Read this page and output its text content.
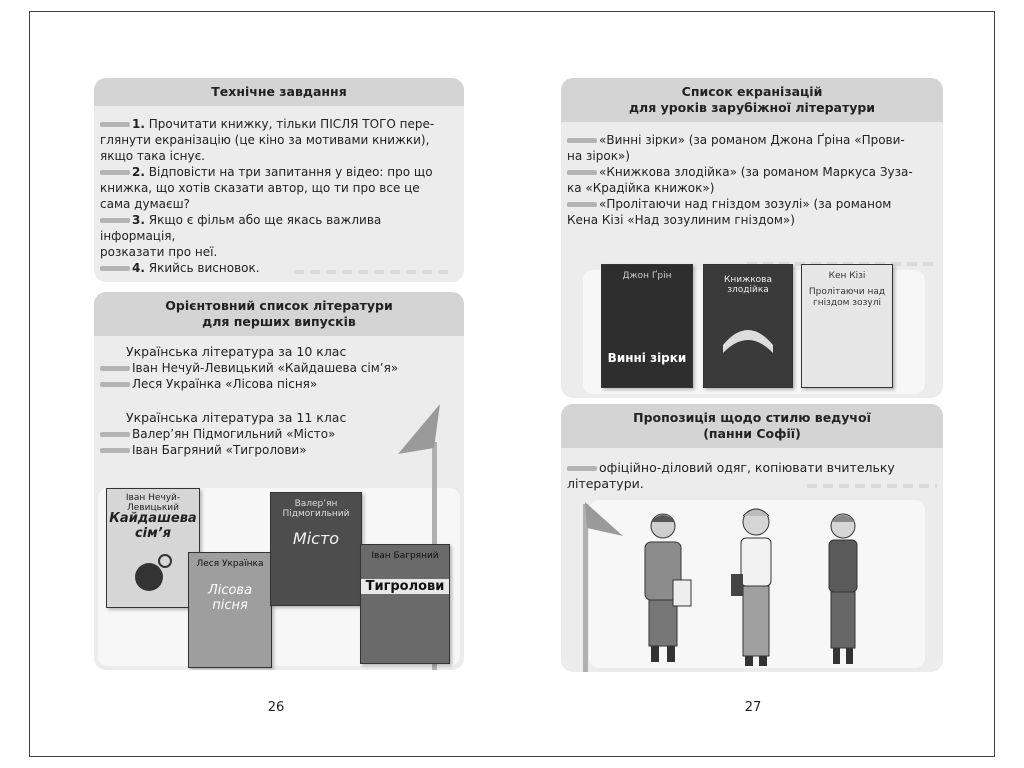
Технічне завдання

1. Прочитати книжку, тільки ПІСЛЯ ТОГО пере-

глянути екранізацію (це кіно за мотивами книжки),

якщо така існує.

2. Відповісти на три запитання у відео: про що

книжка, що хотів сказати автор, що ти про все це

сама думаєш?

3. Якщо є фільм або ще якась важлива інформація,

розказати про неї.

4. Якийсь висновок.

Орієнтовний список літератури
для перших випусків

Українська література за 10 клас

Іван Нечуй-Левицький «Кайдашева сім’я»

Леся Українка «Лісова пісня»

Українська література за 11 клас

Валер’ян Підмогильний «Місто»

Іван Багряний «Тигролови»

Іван Нечуй-Левицький
Кайдашева сім’я
Леся Українка
Лісова пісня
Валер’ян Підмогильний
Місто
Іван Багряний
Тигролови
26
Список екранізацій
для уроків зарубіжної літератури

«Винні зірки» (за романом Джона Ґріна «Прови-

на зірок»)

«Книжкова злодійка» (за романом Маркуса Зуза-

ка «Крадійка книжок»)

«Пролітаючи над гніздом зозулі» (за романом

Кена Кізі «Над зозулиним гніздом»)

Джон Ґрін
Винні зірки
Книжкова злодійка
Кен Кізі
Пролітаючи над гніздом зозулі
Пропозиція щодо стилю ведучої
(панни Софії)

офіційно-діловий одяг, копіювати вчительку

літератури.

27
